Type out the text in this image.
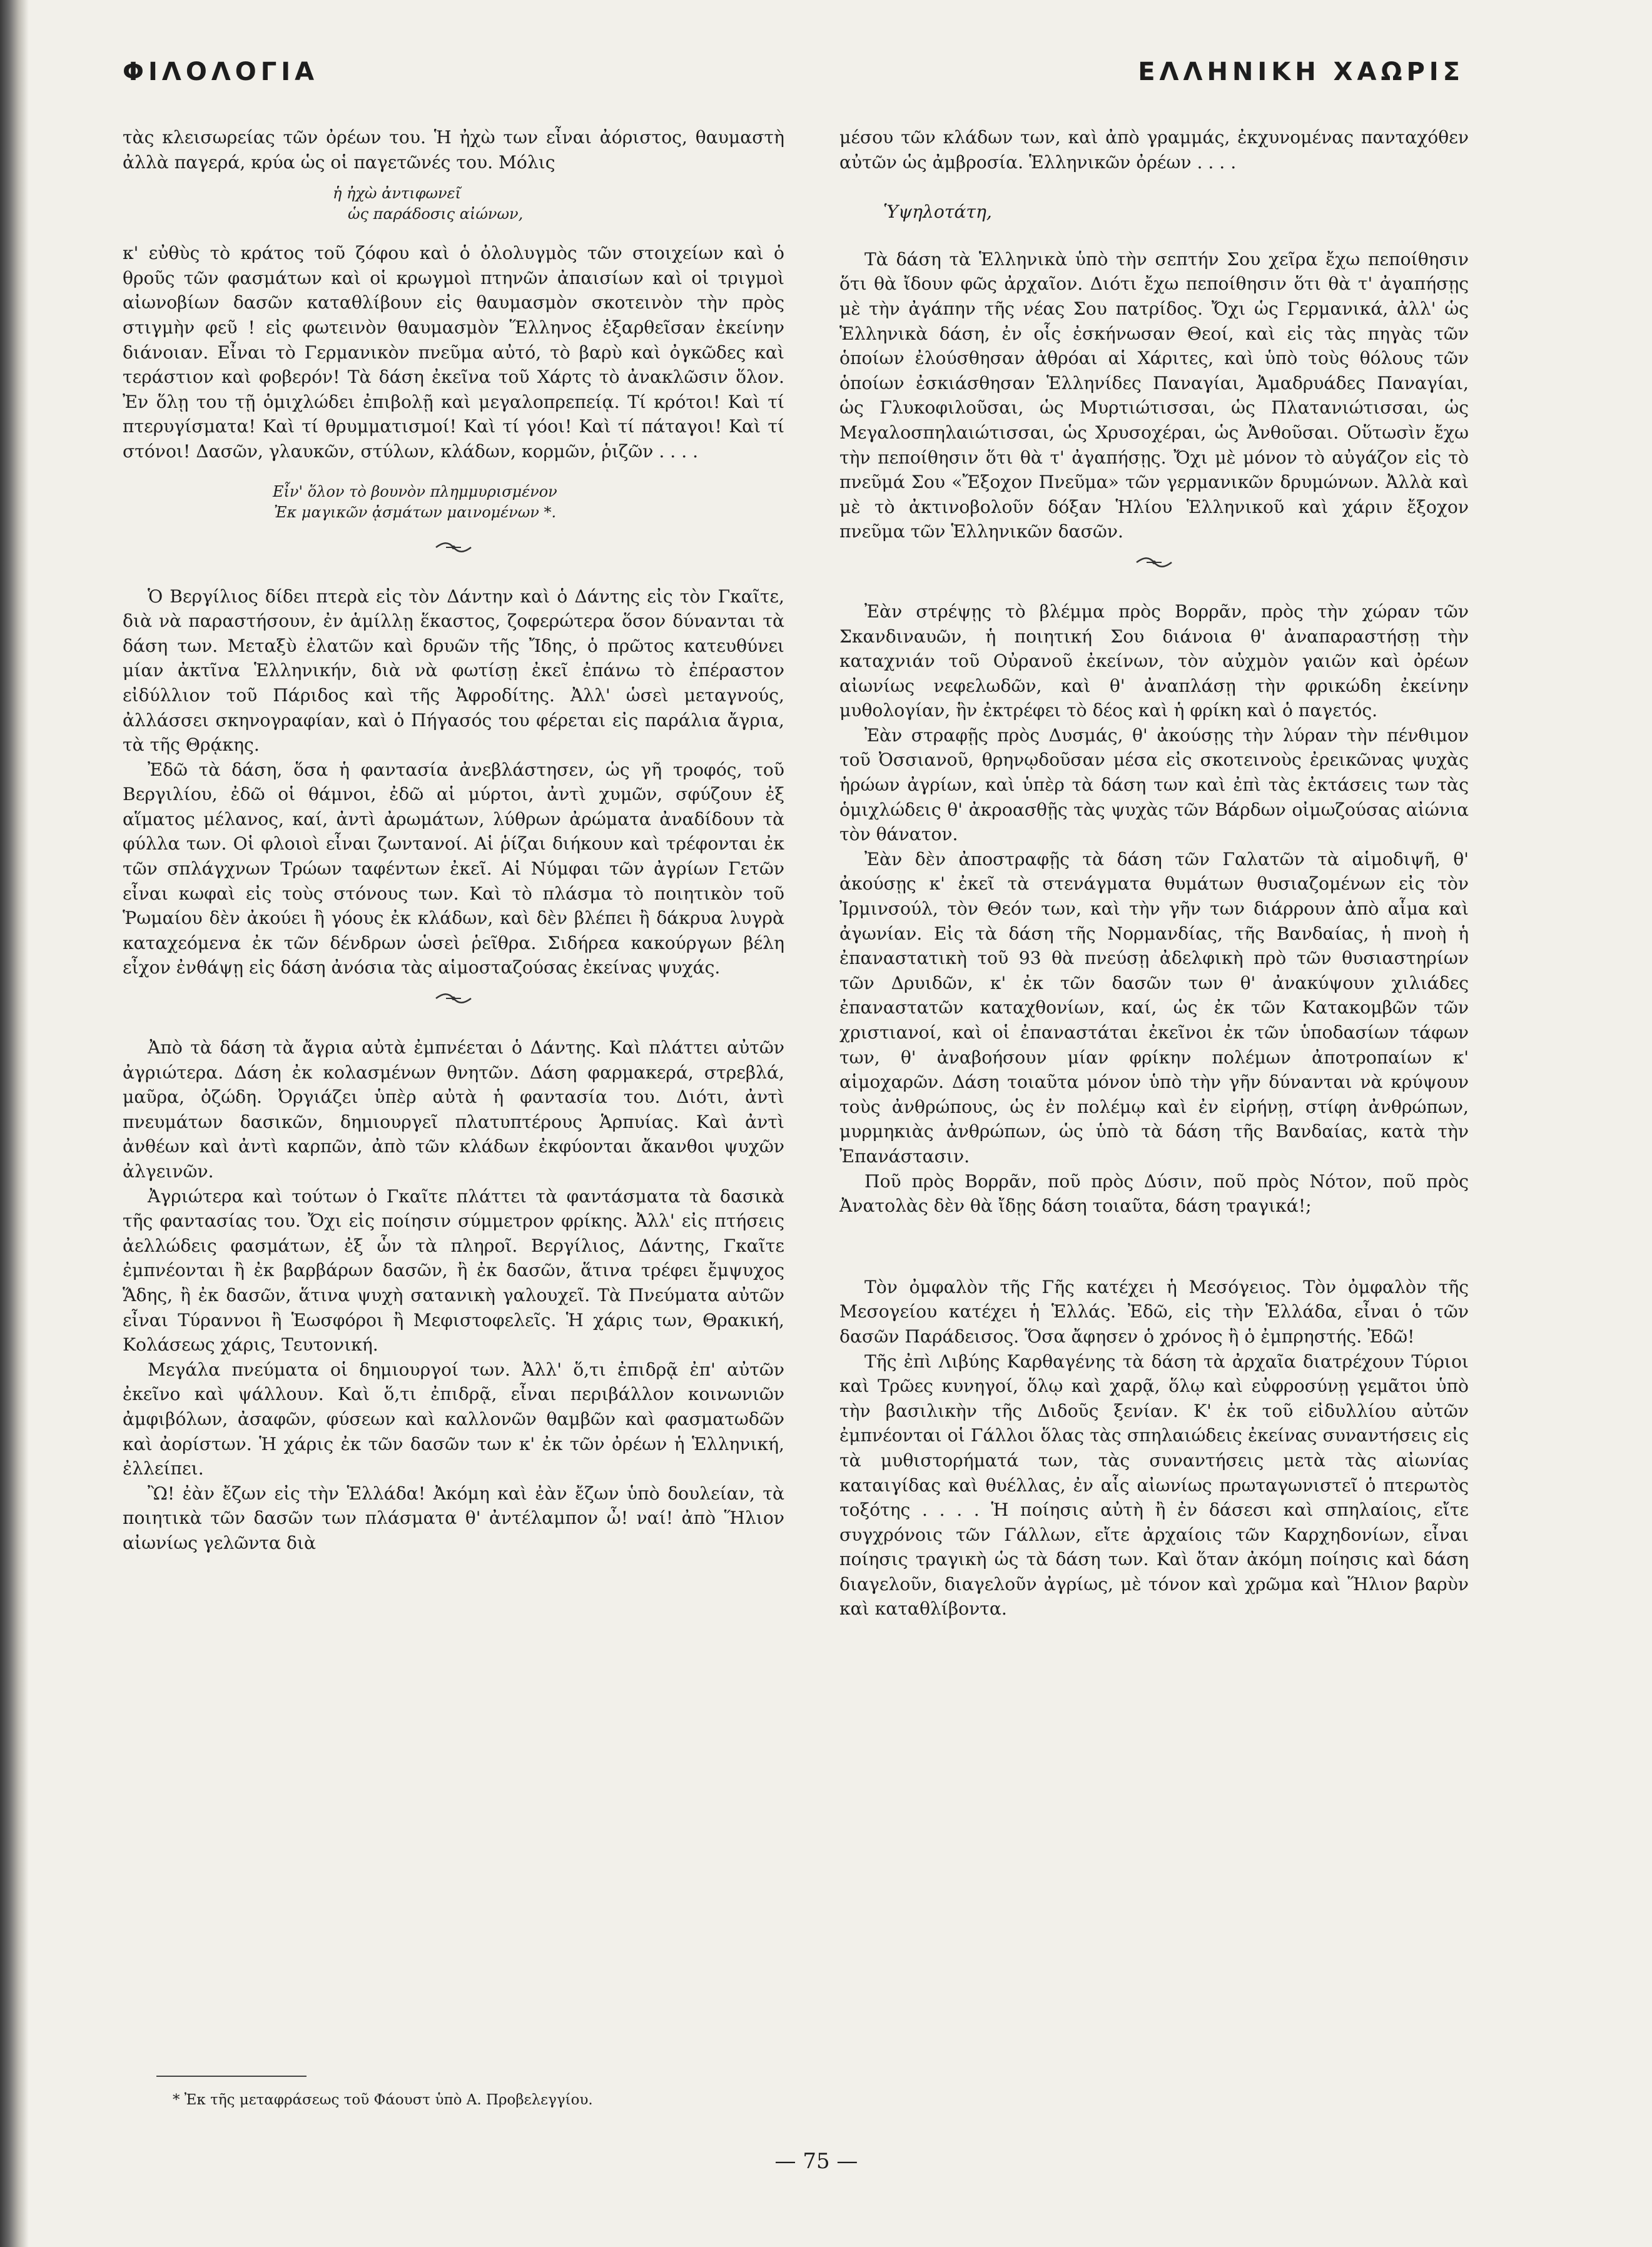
ΦΙΛΟΛΟΓΙΑ	ΕΛΛΗΝΙΚΗ ΧΑΩΡΙΣ

τὰς κλεισωρείας τῶν ὀρέων του. Ἡ ἠχὼ των εἶναι ἀόριστος, θαυμαστὴ ἀλλὰ παγερά, κρύα ὡς οἱ παγετῶνές του. Μόλις

ἡ ἠχὼ ἀντιφωνεῖ
ὡς παράδοσις αἰώνων,

κ' εὐθὺς τὸ κράτος τοῦ ζόφου καὶ ὁ ὀλολυγμὸς τῶν στοιχείων καὶ ὁ θροῦς τῶν φασμάτων καὶ οἱ κρωγμοὶ πτηνῶν ἀπαισίων καὶ οἱ τριγμοὶ αἰωνοβίων δασῶν καταθλίβουν εἰς θαυμασμὸν σκοτεινὸν τὴν πρὸς στιγμὴν φεῦ ! εἰς φωτεινὸν θαυμασμὸν Ἕλληνος ἐξαρθεῖσαν ἐκείνην διάνοιαν. Εἶναι τὸ Γερμανικὸν πνεῦμα αὐτό, τὸ βαρὺ καὶ ὀγκῶδες καὶ τεράστιον καὶ φοβερόν! Τὰ δάση ἐκεῖνα τοῦ Χάρτς τὸ ἀνακλῶσιν ὅλον. Ἐν ὅλῃ του τῇ ὁμιχλώδει ἐπιβολῇ καὶ μεγαλοπρεπείᾳ. Τί κρότοι! Καὶ τί πτερυγίσματα! Καὶ τί θρυμματισμοί! Καὶ τί γόοι! Καὶ τί πάταγοι! Καὶ τί στόνοι! Δασῶν, γλαυκῶν, στύλων, κλάδων, κορμῶν, ῥιζῶν . . . .

Εἶν' ὅλον τὸ βουνὸν πλημμυρισμένον
Ἐκ μαγικῶν ᾀσμάτων μαινομένων *.

Ὁ Βεργίλιος δίδει πτερὰ εἰς τὸν Δάντην καὶ ὁ Δάντης εἰς τὸν Γκαῖτε, διὰ νὰ παραστήσουν, ἐν ἁμίλλῃ ἕκαστος, ζοφερώτερα ὅσον δύνανται τὰ δάση των. Μεταξὺ ἐλατῶν καὶ δρυῶν τῆς Ἴδης, ὁ πρῶτος κατευθύνει μίαν ἀκτῖνα Ἑλληνικήν, διὰ νὰ φωτίσῃ ἐκεῖ ἐπάνω τὸ ἐπέραστον εἰδύλλιον τοῦ Πάριδος καὶ τῆς Ἀφροδίτης. Ἀλλ' ὡσεὶ μεταγνούς, ἀλλάσσει σκηνογραφίαν, καὶ ὁ Πήγασός του φέρεται εἰς παράλια ἄγρια, τὰ τῆς Θρᾴκης.

Ἐδῶ τὰ δάση, ὅσα ἡ φαντασία ἀνεβλάστησεν, ὡς γῆ τροφός, τοῦ Βεργιλίου, ἐδῶ οἱ θάμνοι, ἐδῶ αἱ μύρτοι, ἀντὶ χυμῶν, σφύζουν ἐξ αἵματος μέλανος, καί, ἀντὶ ἀρωμάτων, λύθρων ἀρώματα ἀναδίδουν τὰ φύλλα των. Οἱ φλοιοὶ εἶναι ζωντανοί. Αἱ ῥίζαι διήκουν καὶ τρέφονται ἐκ τῶν σπλάγχνων Τρώων ταφέντων ἐκεῖ. Αἱ Νύμφαι τῶν ἀγρίων Γετῶν εἶναι κωφαὶ εἰς τοὺς στόνους των. Καὶ τὸ πλάσμα τὸ ποιητικὸν τοῦ Ῥωμαίου δὲν ἀκούει ἢ γόους ἐκ κλάδων, καὶ δὲν βλέπει ἢ δάκρυα λυγρὰ καταχεόμενα ἐκ τῶν δένδρων ὡσεὶ ῥεῖθρα. Σιδήρεα κακούργων βέλη εἶχον ἐνθάψῃ εἰς δάση ἀνόσια τὰς αἱμοσταζούσας ἐκείνας ψυχάς.

Ἀπὸ τὰ δάση τὰ ἄγρια αὐτὰ ἐμπνέεται ὁ Δάντης. Καὶ πλάττει αὐτῶν ἀγριώτερα. Δάση ἐκ κολασμένων θνητῶν. Δάση φαρμακερά, στρεβλά, μαῦρα, ὀζώδη. Ὀργιάζει ὑπὲρ αὐτὰ ἡ φαντασία του. Διότι, ἀντὶ πνευμάτων δασικῶν, δημιουργεῖ πλατυπτέρους Ἁρπυίας. Καὶ ἀντὶ ἀνθέων καὶ ἀντὶ καρπῶν, ἀπὸ τῶν κλάδων ἐκφύονται ἄκανθοι ψυχῶν ἀλγεινῶν.

Ἀγριώτερα καὶ τούτων ὁ Γκαῖτε πλάττει τὰ φαντάσματα τὰ δασικὰ τῆς φαντασίας του. Ὄχι εἰς ποίησιν σύμμετρον φρίκης. Ἀλλ' εἰς πτήσεις ἀελλώδεις φασμάτων, ἐξ ὧν τὰ πληροῖ. Βεργίλιος, Δάντης, Γκαῖτε ἐμπνέονται ἢ ἐκ βαρβάρων δασῶν, ἢ ἐκ δασῶν, ἅτινα τρέφει ἔμψυχος Ἅδης, ἢ ἐκ δασῶν, ἅτινα ψυχὴ σατανικὴ γαλουχεῖ. Τὰ Πνεύματα αὐτῶν εἶναι Τύραννοι ἢ Ἑωσφόροι ἢ Μεφιστοφελεῖς. Ἡ χάρις των, Θρακική, Κολάσεως χάρις, Τευτονική.

Μεγάλα πνεύματα οἱ δημιουργοί των. Ἀλλ' ὅ,τι ἐπιδρᾷ ἐπ' αὐτῶν ἐκεῖνο καὶ ψάλλουν. Καὶ ὅ,τι ἐπιδρᾷ, εἶναι περιβάλλον κοινωνιῶν ἀμφιβόλων, ἀσαφῶν, φύσεων καὶ καλλονῶν θαμβῶν καὶ φασματωδῶν καὶ ἀορίστων. Ἡ χάρις ἐκ τῶν δασῶν των κ' ἐκ τῶν ὀρέων ἡ Ἑλληνική, ἐλλείπει.

Ὢ! ἐὰν ἔζων εἰς τὴν Ἑλλάδα! Ἀκόμη καὶ ἐὰν ἔζων ὑπὸ δουλείαν, τὰ ποιητικὰ τῶν δασῶν των πλάσματα θ' ἀντέλαμπον ὦ! ναί! ἀπὸ Ἥλιον αἰωνίως γελῶντα διὰ

μέσου τῶν κλάδων των, καὶ ἀπὸ γραμμάς, ἐκχυνομένας πανταχόθεν αὐτῶν ὡς ἀμβροσία. Ἑλληνικῶν ὀρέων . . . .

Ὑψηλοτάτη,

Τὰ δάση τὰ Ἑλληνικὰ ὑπὸ τὴν σεπτήν Σου χεῖρα ἔχω πεποίθησιν ὅτι θὰ ἴδουν φῶς ἀρχαῖον. Διότι ἔχω πεποίθησιν ὅτι θὰ τ' ἀγαπήσῃς μὲ τὴν ἀγάπην τῆς νέας Σου πατρίδος. Ὄχι ὡς Γερμανικά, ἀλλ' ὡς Ἑλληνικὰ δάση, ἐν οἷς ἐσκήνωσαν Θεοί, καὶ εἰς τὰς πηγὰς τῶν ὁποίων ἐλούσθησαν ἀθρόαι αἱ Χάριτες, καὶ ὑπὸ τοὺς θόλους τῶν ὁποίων ἐσκιάσθησαν Ἑλληνίδες Παναγίαι, Ἀμαδρυάδες Παναγίαι, ὡς Γλυκοφιλοῦσαι, ὡς Μυρτιώτισσαι, ὡς Πλατανιώτισσαι, ὡς Μεγαλοσπηλαιώτισσαι, ὡς Χρυσοχέραι, ὡς Ἀνθοῦσαι. Οὕτωσὶν ἔχω τὴν πεποίθησιν ὅτι θὰ τ' ἀγαπήσῃς. Ὄχι μὲ μόνον τὸ αὐγάζον εἰς τὸ πνεῦμά Σου «Ἔξοχον Πνεῦμα» τῶν γερμανικῶν δρυμώνων. Ἀλλὰ καὶ μὲ τὸ ἀκτινοβολοῦν δόξαν Ἡλίου Ἑλληνικοῦ καὶ χάριν ἔξοχον πνεῦμα τῶν Ἑλληνικῶν δασῶν.

Ἐὰν στρέψῃς τὸ βλέμμα πρὸς Βορρᾶν, πρὸς τὴν χώραν τῶν Σκανδιναυῶν, ἡ ποιητική Σου διάνοια θ' ἀναπαραστήσῃ τὴν καταχνιάν τοῦ Οὐρανοῦ ἐκείνων, τὸν αὐχμὸν γαιῶν καὶ ὀρέων αἰωνίως νεφελωδῶν, καὶ θ' ἀναπλάσῃ τὴν φρικώδη ἐκείνην μυθολογίαν, ἣν ἐκτρέφει τὸ δέος καὶ ἡ φρίκη καὶ ὁ παγετός.

Ἐὰν στραφῇς πρὸς Δυσμάς, θ' ἀκούσῃς τὴν λύραν τὴν πένθιμον τοῦ Ὀσσιανοῦ, θρηνῳδοῦσαν μέσα εἰς σκοτεινοὺς ἐρεικῶνας ψυχὰς ἡρώων ἀγρίων, καὶ ὑπὲρ τὰ δάση των καὶ ἐπὶ τὰς ἐκτάσεις των τὰς ὁμιχλώδεις θ' ἀκροασθῇς τὰς ψυχὰς τῶν Βάρδων οἰμωζούσας αἰώνια τὸν θάνατον.

Ἐὰν δὲν ἀποστραφῇς τὰ δάση τῶν Γαλατῶν τὰ αἱμοδιψῆ, θ' ἀκούσῃς κ' ἐκεῖ τὰ στενάγματα θυμάτων θυσιαζομένων εἰς τὸν Ἰρμινσούλ, τὸν Θεόν των, καὶ τὴν γῆν των διάρρουν ἀπὸ αἷμα καὶ ἀγωνίαν. Εἰς τὰ δάση τῆς Νορμανδίας, τῆς Βανδαίας, ἡ πνοὴ ἡ ἐπαναστατικὴ τοῦ 93 θὰ πνεύσῃ ἀδελφικὴ πρὸ τῶν θυσιαστηρίων τῶν Δρυιδῶν, κ' ἐκ τῶν δασῶν των θ' ἀνακύψουν χιλιάδες ἐπαναστατῶν καταχθονίων, καί, ὡς ἐκ τῶν Κατακομβῶν τῶν χριστιανοί, καὶ οἱ ἐπαναστάται ἐκεῖνοι ἐκ τῶν ὑποδασίων τάφων των, θ' ἀναβοήσουν μίαν φρίκην πολέμων ἀποτροπαίων κ' αἱμοχαρῶν. Δάση τοιαῦτα μόνον ὑπὸ τὴν γῆν δύνανται νὰ κρύψουν τοὺς ἀνθρώπους, ὡς ἐν πολέμῳ καὶ ἐν εἰρήνῃ, στίφη ἀνθρώπων, μυρμηκιὰς ἀνθρώπων, ὡς ὑπὸ τὰ δάση τῆς Βανδαίας, κατὰ τὴν Ἐπανάστασιν.

Ποῦ πρὸς Βορρᾶν, ποῦ πρὸς Δύσιν, ποῦ πρὸς Νότον, ποῦ πρὸς Ἀνατολὰς δὲν θὰ ἴδῃς δάση τοιαῦτα, δάση τραγικά!;

Τὸν ὀμφαλὸν τῆς Γῆς κατέχει ἡ Μεσόγειος. Τὸν ὀμφαλὸν τῆς Μεσογείου κατέχει ἡ Ἑλλάς. Ἐδῶ, εἰς τὴν Ἑλλάδα, εἶναι ὁ τῶν δασῶν Παράδεισος. Ὅσα ἄφησεν ὁ χρόνος ἢ ὁ ἐμπρηστής. Ἐδῶ!

Τῆς ἐπὶ Λιβύης Καρθαγένης τὰ δάση τὰ ἀρχαῖα διατρέχουν Τύριοι καὶ Τρῶες κυνηγοί, ὅλῳ καὶ χαρᾷ, ὅλῳ καὶ εὐφροσύνῃ γεμᾶτοι ὑπὸ τὴν βασιλικὴν τῆς Διδοῦς ξενίαν. Κ' ἐκ τοῦ εἰδυλλίου αὐτῶν ἐμπνέονται οἱ Γάλλοι ὅλας τὰς σπηλαιώδεις ἐκείνας συναντήσεις εἰς τὰ μυθιστορήματά των, τὰς συναντήσεις μετὰ τὰς αἰωνίας καταιγίδας καὶ θυέλλας, ἐν αἷς αἰωνίως πρωταγωνιστεῖ ὁ πτερωτὸς τοξότης . . . . Ἡ ποίησις αὐτὴ ἢ ἐν δάσεσι καὶ σπηλαίοις, εἴτε συγχρόνοις τῶν Γάλλων, εἴτε ἀρχαίοις τῶν Καρχηδονίων, εἶναι ποίησις τραγικὴ ὡς τὰ δάση των. Καὶ ὅταν ἀκόμη ποίησις καὶ δάση διαγελοῦν, διαγελοῦν ἀγρίως, μὲ τόνον καὶ χρῶμα καὶ Ἥλιον βαρὺν καὶ καταθλίβοντα.

* Ἐκ τῆς μεταφράσεως τοῦ Φάουστ ὑπὸ Α. Προβελεγγίου.
— 75 —
